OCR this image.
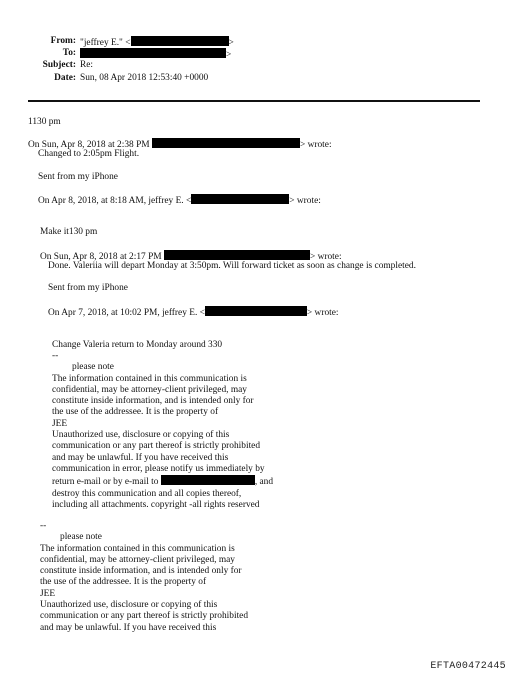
From: "jeffrey E." <	>
To:	>
Subject: Re:
Date: Sun, 08 Apr 2018 12:53:40 +0000
1130 pm
On Sun, Apr 8, 2018 at 2:38 PM	> wrote:
Changed to 2:05pm Flight.
Sent from my iPhone
On Apr 8, 2018, at 8:18 AM, jeffrey E. <	> wrote:
Make it130 pm
On Sun, Apr 8, 2018 at 2:17 PM	> wrote:
Done. Valeriia will depart Monday at 3:50pm. Will forward ticket as soon as change is completed.
Sent from my iPhone
On Apr 7, 2018, at 10:02 PM, jeffrey E. <	> wrote:
Change Valeria return to Monday around 330
--
please note
The information contained in this communication is
confidential, may be attorney-client privileged, may
constitute inside information, and is intended only for
the use of the addressee. It is the property of
JEE
Unauthorized use, disclosure or copying of this
communication or any part thereof is strictly prohibited
and may be unlawful. If you have received this
communication in error, please notify us immediately by
return e-mail or by e-mail to	, and
destroy this communication and all copies thereof,
including all attachments. copyright -all rights reserved
--
please note
The information contained in this communication is
confidential, may be attorney-client privileged, may
constitute inside information, and is intended only for
the use of the addressee. It is the property of
JEE
Unauthorized use, disclosure or copying of this
communication or any part thereof is strictly prohibited
and may be unlawful. If you have received this
EFTA00472445
